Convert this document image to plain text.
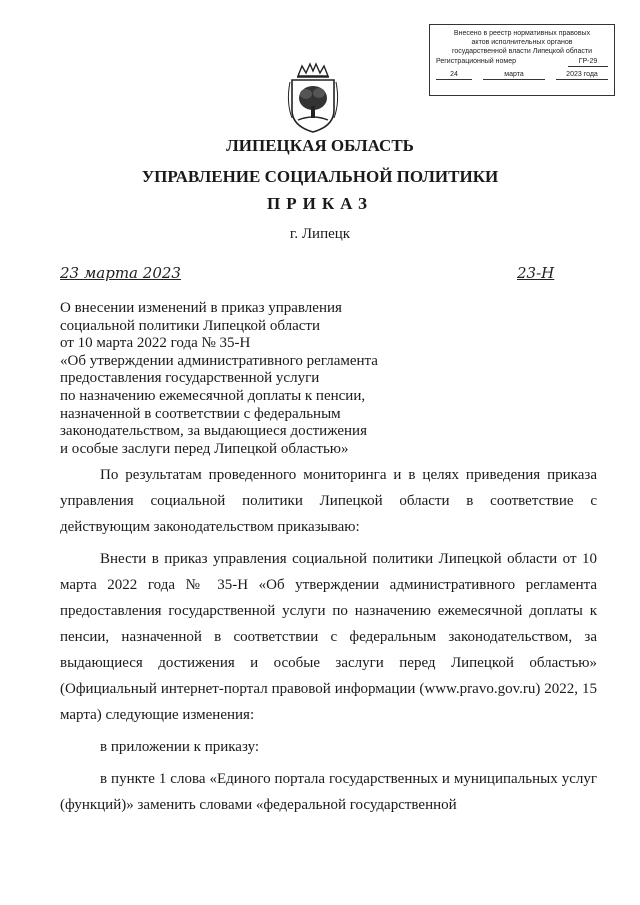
Внесено в реестр нормативных правовых
актов исполнительных органов
государственной власти Липецкой области
Регистрационный номер	ГР-29
24	марта	2023 года
ЛИПЕЦКАЯ ОБЛАСТЬ
УПРАВЛЕНИЕ СОЦИАЛЬНОЙ ПОЛИТИКИ
ПРИКАЗ
г. Липецк
23 марта 2023	23-Н
О внесении изменений в приказ управления
социальной политики Липецкой области
от 10 марта 2022 года № 35-Н
«Об утверждении административного регламента
предоставления государственной услуги
по назначению ежемесячной доплаты к пенсии,
назначенной в соответствии с федеральным
законодательством, за выдающиеся достижения
и особые заслуги перед Липецкой областью»

По результатам проведенного мониторинга и в целях приведения приказа управления социальной политики Липецкой области в соответствие с действующим законодательством приказываю:

Внести в приказ управления социальной политики Липецкой области от 10 марта 2022 года № 35-Н «Об утверждении административного регламента предоставления государственной услуги по назначению ежемесячной доплаты к пенсии, назначенной в соответствии с федеральным законодательством, за выдающиеся достижения и особые заслуги перед Липецкой областью» (Официальный интернет-портал правовой информации (www.pravo.gov.ru) 2022, 15 марта) следующие изменения:

в приложении к приказу:

в пункте 1 слова «Единого портала государственных и муниципальных услуг (функций)» заменить словами «федеральной государственной
